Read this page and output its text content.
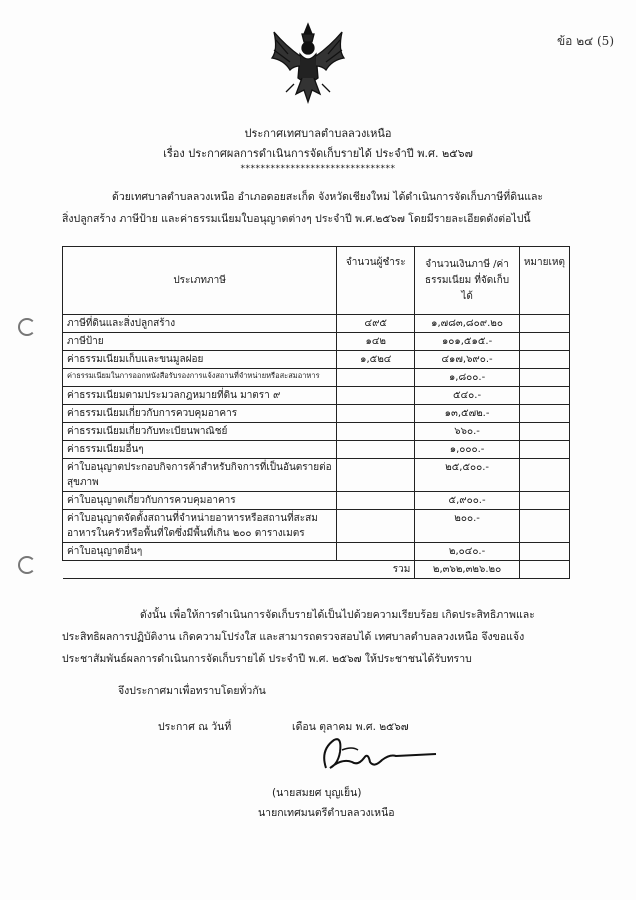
ข้อ ๒๔ (5)
ประกาศเทศบาลตำบลลวงเหนือ
เรื่อง ประกาศผลการดำเนินการจัดเก็บรายได้ ประจำปี พ.ศ. ๒๕๖๗
*******************************
ด้วยเทศบาลตำบลลวงเหนือ อำเภอดอยสะเก็ด จังหวัดเชียงใหม่ ได้ดำเนินการจัดเก็บภาษีที่ดินและ
สิ่งปลูกสร้าง ภาษีป้าย และค่าธรรมเนียมใบอนุญาตต่างๆ ประจำปี พ.ศ.๒๕๖๗ โดยมีรายละเอียดดังต่อไปนี้
ประเภทภาษี	จำนวนผู้ชำระ	จำนวนเงินภาษี /ค่าธรรมเนียม ที่จัดเก็บได้	หมายเหตุ
ภาษีที่ดินและสิ่งปลูกสร้าง	๔๙๕	๑,๗๘๓,๘๐๙.๒๐	
ภาษีป้าย	๑๔๒	๑๐๑,๕๑๕.-	
ค่าธรรมเนียมเก็บและขนมูลฝอย	๑,๕๒๔	๔๑๗,๖๙๐.-	
ค่าธรรมเนียมในการออกหนังสือรับรองการแจ้งสถานที่จำหน่ายหรือสะสมอาหาร		๑,๘๐๐.-	
ค่าธรรมเนียมตามประมวลกฎหมายที่ดิน มาตรา ๙		๕๔๐.-	
ค่าธรรมเนียมเกี่ยวกับการควบคุมอาคาร		๑๓,๕๗๒.-	
ค่าธรรมเนียมเกี่ยวกับทะเบียนพาณิชย์		๖๖๐.-	
ค่าธรรมเนียมอื่นๆ		๑,๐๐๐.-	
ค่าใบอนุญาตประกอบกิจการค้าสำหรับกิจการที่เป็นอันตรายต่อสุขภาพ		๒๕,๕๐๐.-	
ค่าใบอนุญาตเกี่ยวกับการควบคุมอาคาร		๕,๙๐๐.-	
ค่าใบอนุญาตจัดตั้งสถานที่จำหน่ายอาหารหรือสถานที่สะสมอาหารในครัวหรือพื้นที่ใดซึ่งมีพื้นที่เกิน ๒๐๐ ตารางเมตร		๒๐๐.-	
ค่าใบอนุญาตอื่นๆ		๒,๐๔๐.-	
รวม		๒,๓๖๒,๓๒๖.๒๐	
ดังนั้น เพื่อให้การดำเนินการจัดเก็บรายได้เป็นไปด้วยความเรียบร้อย เกิดประสิทธิภาพและ
ประสิทธิผลการปฏิบัติงาน เกิดความโปร่งใส และสามารถตรวจสอบได้ เทศบาลตำบลลวงเหนือ จึงขอแจ้ง
ประชาสัมพันธ์ผลการดำเนินการจัดเก็บรายได้ ประจำปี พ.ศ. ๒๕๖๗ ให้ประชาชนได้รับทราบ
จึงประกาศมาเพื่อทราบโดยทั่วกัน
ประกาศ ณ วันที่	เดือน ตุลาคม พ.ศ. ๒๕๖๗
(นายสมยศ บุญเย็น)
นายกเทศมนตรีตำบลลวงเหนือ
